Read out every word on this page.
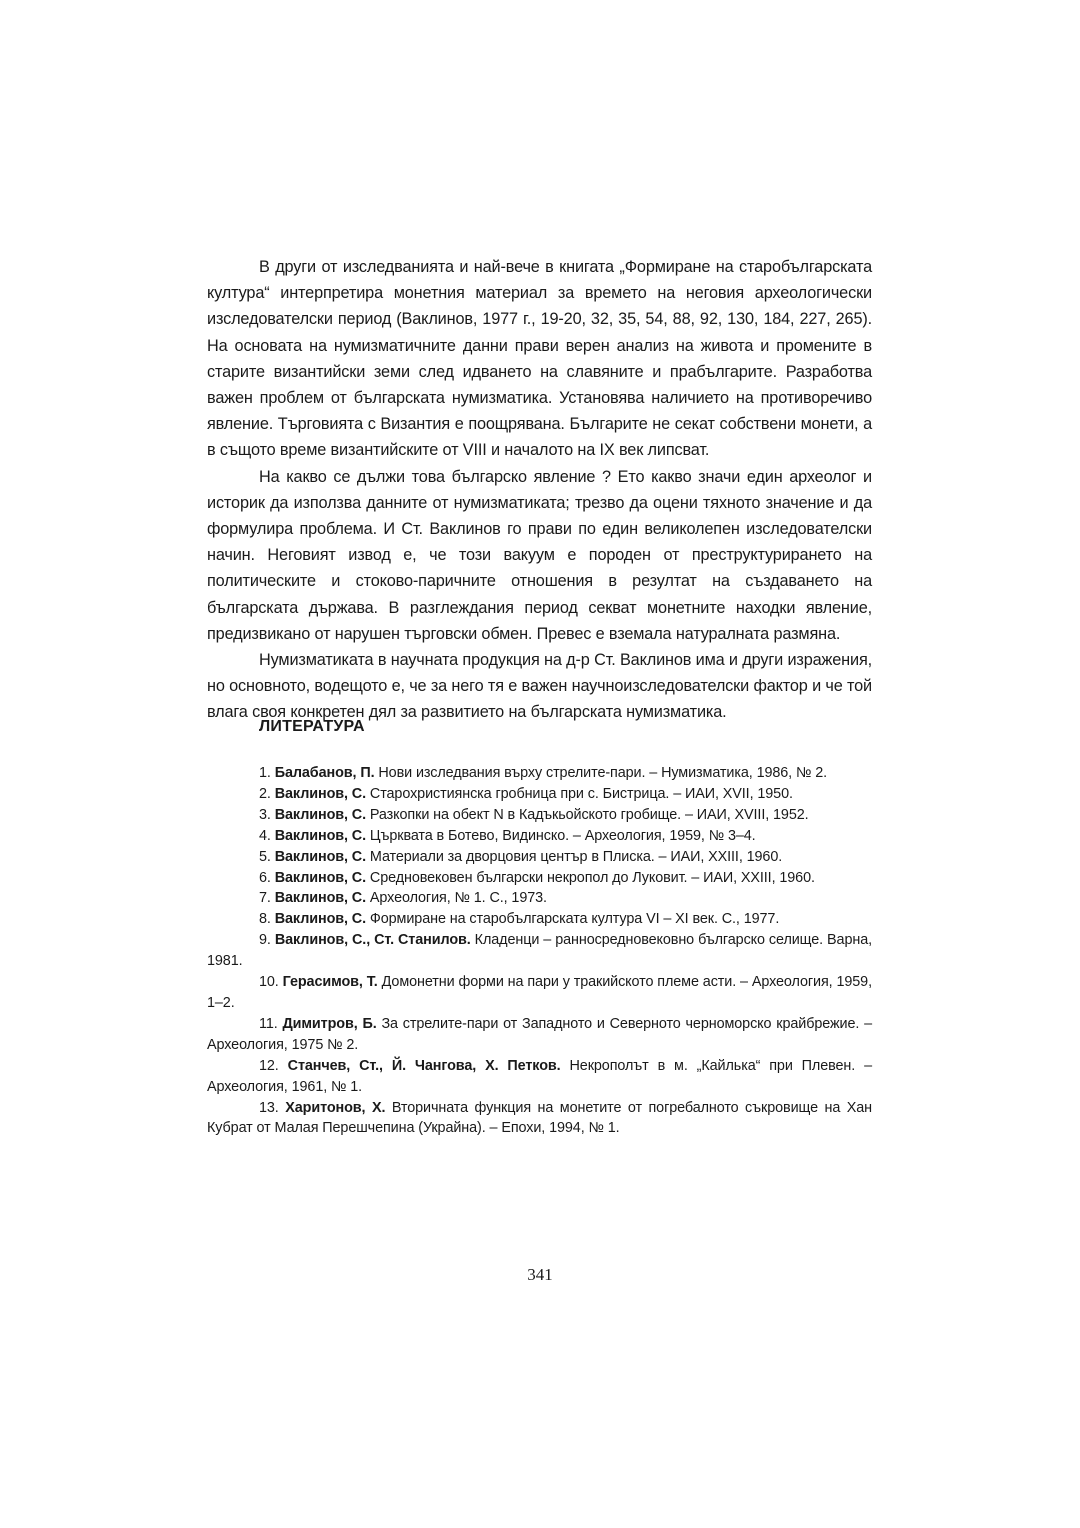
В други от изследванията и най-вече в книгата „Формиране на старобългарската култура“ интерпретира монетния материал за времето на неговия археологически изследователски период (Ваклинов, 1977 г., 19-20, 32, 35, 54, 88, 92, 130, 184, 227, 265). На основата на нумизматичните данни прави верен анализ на живота и промените в старите византийски земи след идването на славяните и прабългарите. Разработва важен проблем от българската нумизматика. Установява наличието на противоречиво явление. Търговията с Византия е поощрявана. Българите не секат собствени монети, а в същото време византийските от VIII и началото на IX век липсват.

На какво се дължи това българско явление ? Ето какво значи един археолог и историк да използва данните от нумизматиката; трезво да оцени тяхното значение и да формулира проблема. И Ст. Ваклинов го прави по един великолепен изследователски начин. Неговият извод е, че този вакуум е породен от преструктурирането на политическите и стоково-паричните отношения в резултат на създаването на българската държава. В разглеждания период секват монетните находки явление, предизвикано от нарушен търговски обмен. Превес е вземала натуралната размяна.

Нумизматиката в научната продукция на д-р Ст. Ваклинов има и други изражения, но основното, водещото е, че за него тя е важен научноизследователски фактор и че той влага своя конкретен дял за развитието на българската нумизматика.

ЛИТЕРАТУРА

1. Балабанов, П. Нови изследвания върху стрелите-пари. – Нумизматика, 1986, № 2.

2. Ваклинов, С. Старохристиянска гробница при с. Бистрица. – ИАИ, XVII, 1950.

3. Ваклинов, С. Разкопки на обект N в Кадъкьойското гробище. – ИАИ, XVIII, 1952.

4. Ваклинов, С. Църквата в Ботево, Видинско. – Археология, 1959, № 3–4.

5. Ваклинов, С. Материали за дворцовия център в Плиска. – ИАИ, XXIII, 1960.

6. Ваклинов, С. Средновековен български некропол до Луковит. – ИАИ, XXIII, 1960.

7. Ваклинов, С. Археология, № 1. С., 1973.

8. Ваклинов, С. Формиране на старобългарската култура VI – XI век. С., 1977.

9. Ваклинов, С., Ст. Станилов. Кладенци – ранносредновековно българско селище. Варна, 1981.

10. Герасимов, Т. Домонетни форми на пари у тракийското племе асти. – Археология, 1959, 1–2.

11. Димитров, Б. За стрелите-пари от Западното и Северното черноморско крайбрежие. – Археология, 1975 № 2.

12. Станчев, Ст., Й. Чангова, Х. Петков. Некрополът в м. „Кайлька“ при Плевен. – Археология, 1961, № 1.

13. Харитонов, Х. Вторичната функция на монетите от погребалното съкровище на Хан Кубрат от Малая Перешчепина (Украйна). – Епохи, 1994, № 1.

341
